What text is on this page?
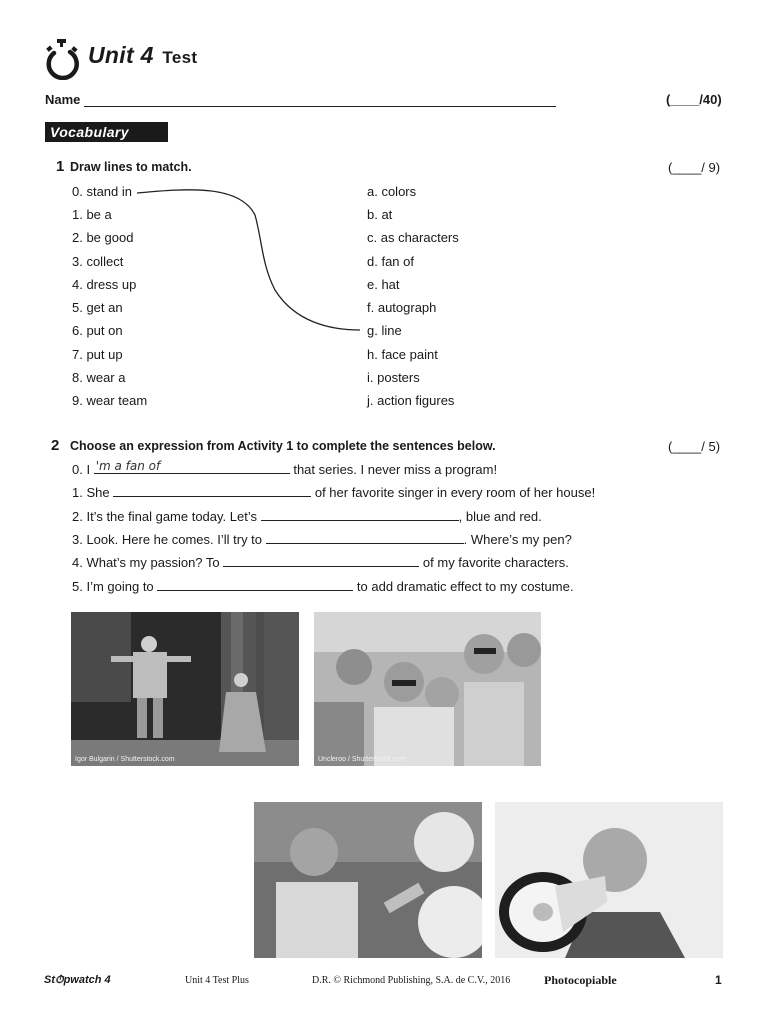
Unit 4 Test
Name	(____/40)
Vocabulary
1 Draw lines to match.	(____/ 9)
0. stand in
1. be a
2. be good
3. collect
4. dress up
5. get an
6. put on
7. put up
8. wear a
9. wear team
a. colors
b. at
c. as characters
d. fan of
e. hat
f. autograph
g. line
h. face paint
i. posters
j. action figures
2 Choose an expression from Activity 1 to complete the sentences below.	(____/ 5)
0. I 'm a fan of	that series. I never miss a program!
1. She	of her favorite singer in every room of her house!
2. It’s the final game today. Let’s	, blue and red.
3. Look. Here he comes. I’ll try to	. Where’s my pen?
4. What’s my passion? To	of my favorite characters.
5. I’m going to	to add dramatic effect to my costume.
Igor Bulgarin / Shutterstock.com	Uncleroo / Shutterstock.com
St⏱pwatch 4	Unit 4 Test Plus	D.R. © Richmond Publishing, S.A. de C.V., 2016	Photocopiable	1
